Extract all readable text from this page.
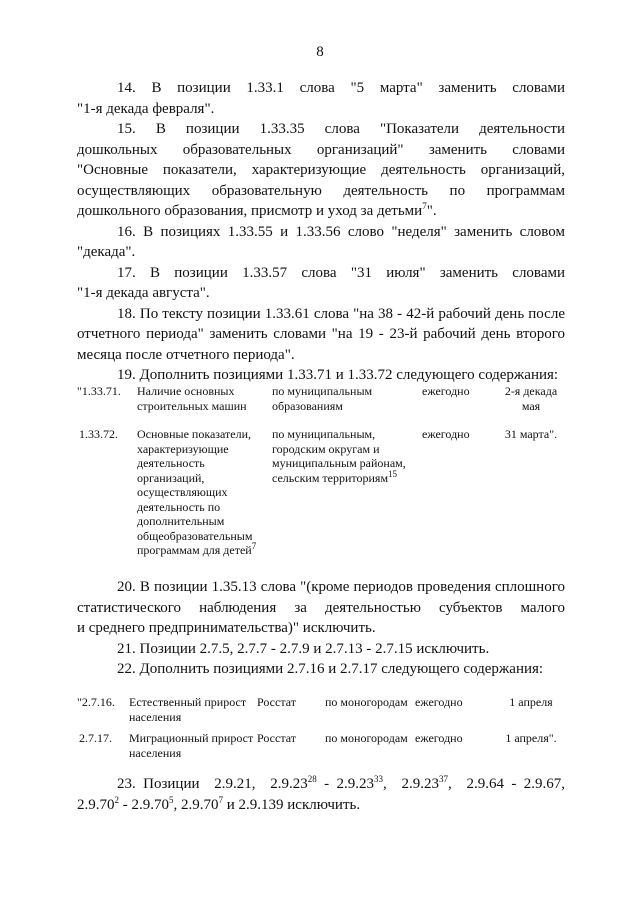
8

14. В позиции 1.33.1 слова "5 марта" заменить словами

"1-я декада февраля".

15. В позиции 1.33.35 слова "Показатели деятельности

дошкольных образовательных организаций" заменить словами

"Основные показатели, характеризующие деятельность организаций,

осуществляющих образовательную деятельность по программам

дошкольного образования, присмотр и уход за детьми$^7$".

16. В позициях 1.33.55 и 1.33.56 слово "неделя" заменить словом

"декада".

17. В позиции 1.33.57 слова "31 июля" заменить словами

"1-я декада августа".

18. По тексту позиции 1.33.61 слова "на 38 - 42-й рабочий день после

отчетного периода" заменить словами "на 19 - 23-й рабочий день второго

месяца после отчетного периода".

19. Дополнить позициями 1.33.71 и 1.33.72 следующего содержания:

"1.33.71.	Наличие основных строительных машин	по муниципальным образованиям	ежегодно	2-я декада мая
1.33.72.	Основные показатели, характеризующие деятельность организаций, осуществляющих деятельность по дополнительным общеобразовательным программам для детей$^7$	по муниципальным, городским округам и муниципальным районам, сельским территориям$^{15}$	ежегодно	31 марта".

20. В позиции 1.35.13 слова "(кроме периодов проведения сплошного

статистического наблюдения за деятельностью субъектов малого

и среднего предпринимательства)" исключить.

21. Позиции 2.7.5, 2.7.7 - 2.7.9 и 2.7.13 - 2.7.15 исключить.

22. Дополнить позициями 2.7.16 и 2.7.17 следующего содержания:

"2.7.16.	Естественный прирост населения	Росстат	по моногородам	ежегодно	1 апреля
2.7.17.	Миграционный прирост населения	Росстат	по моногородам	ежегодно	1 апреля".

23. Позиции  2.9.21,  2.9.23$^{28}$ - 2.9.23$^{33}$,  2.9.23$^{37}$,  2.9.64 - 2.9.67,

2.9.70$^2$ - 2.9.70$^5$, 2.9.70$^7$ и 2.9.139 исключить.
